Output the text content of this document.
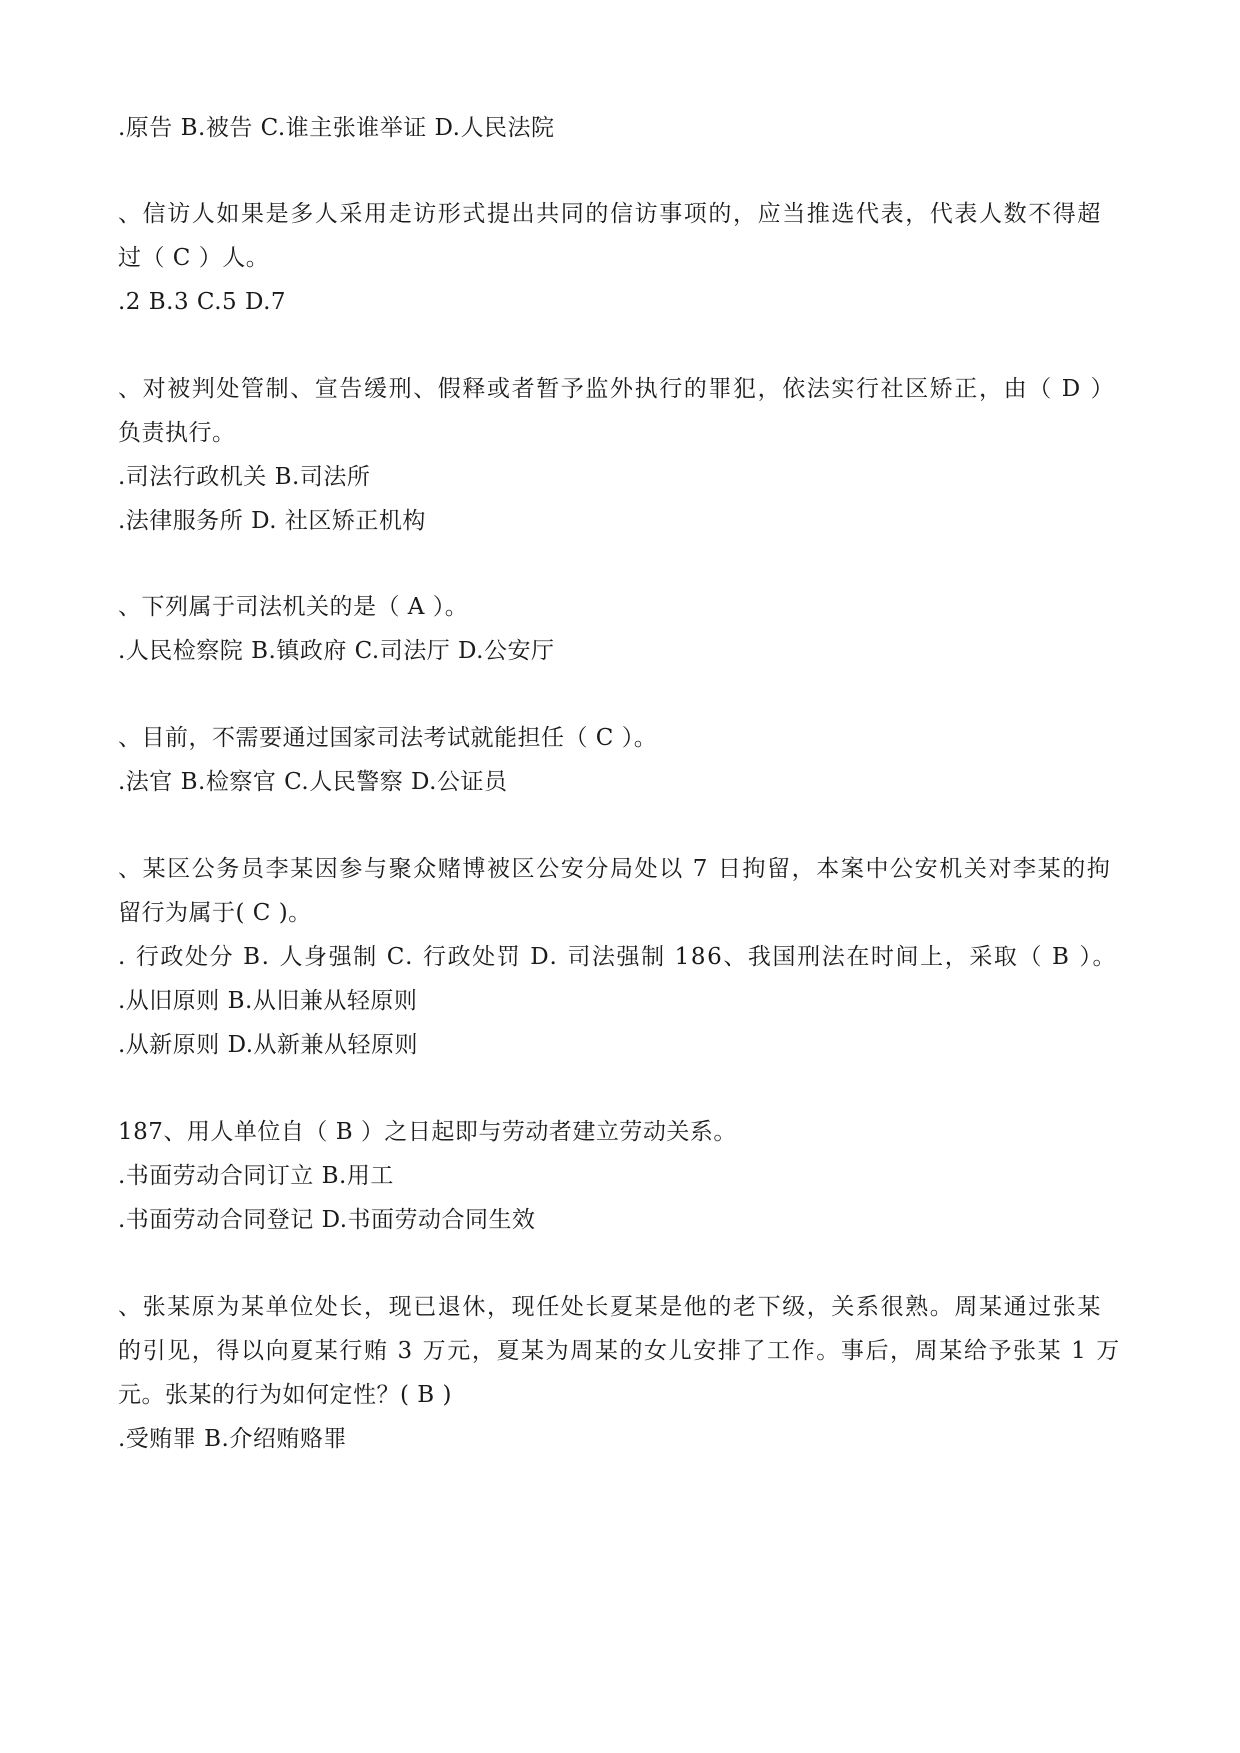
.原告 B.被告 C.谁主张谁举证 D.人民法院
、信访人如果是多人采用走访形式提出共同的信访事项的，应当推选代表，代表人数不得超
过（ C ）人。
.2 B.3 C.5 D.7
、对被判处管制、宣告缓刑、假释或者暂予监外执行的罪犯，依法实行社区矫正，由（ D ）
负责执行。
.司法行政机关 B.司法所
.法律服务所 D. 社区矫正机构
、下列属于司法机关的是（ A ）。
.人民检察院 B.镇政府 C.司法厅 D.公安厅
、目前，不需要通过国家司法考试就能担任（ C ）。
.法官 B.检察官 C.人民警察 D.公证员
、某区公务员李某因参与聚众赌博被区公安分局处以 7 日拘留，本案中公安机关对李某的拘
留行为属于( C )。
. 行政处分 B. 人身强制 C. 行政处罚 D. 司法强制 186、我国刑法在时间上，采取（ B ）。
.从旧原则 B.从旧兼从轻原则
.从新原则 D.从新兼从轻原则
187、用人单位自（ B ）之日起即与劳动者建立劳动关系。
.书面劳动合同订立 B.用工
.书面劳动合同登记 D.书面劳动合同生效
、张某原为某单位处长，现已退休，现任处长夏某是他的老下级，关系很熟。周某通过张某
的引见，得以向夏某行贿 3 万元，夏某为周某的女儿安排了工作。事后，周某给予张某 1 万
元。张某的行为如何定性？( B )
.受贿罪 B.介绍贿赂罪
